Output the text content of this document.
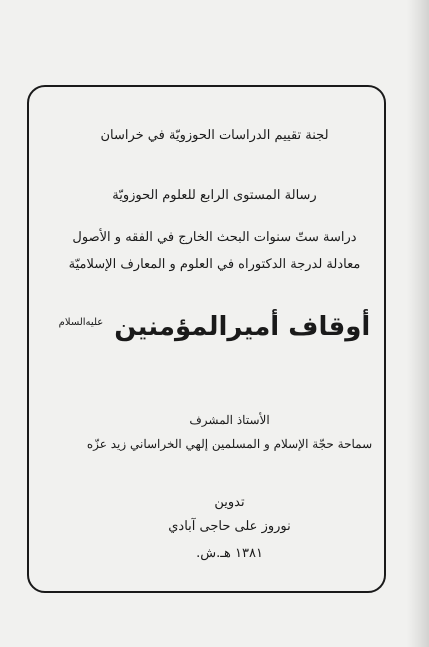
لجنة تقييم الدراسات الحوزويّة في خراسان
رسالة المستوى الرابع للعلوم الحوزويّة
دراسة ستّ سنوات البحث الخارج في الفقه و الأصول
معادلة لدرجة الدكتوراه في العلوم و المعارف الإسلاميّة
أوقاف أميرالمؤمنين $^{عليه‌السلام}$
الأستاذ المشرف
سماحة حجّة الإسلام و المسلمين إلهي الخراساني زيد عزّه
تدوين
نوروز علی حاجی آبادي
١٣٨١ هـ.ش.
